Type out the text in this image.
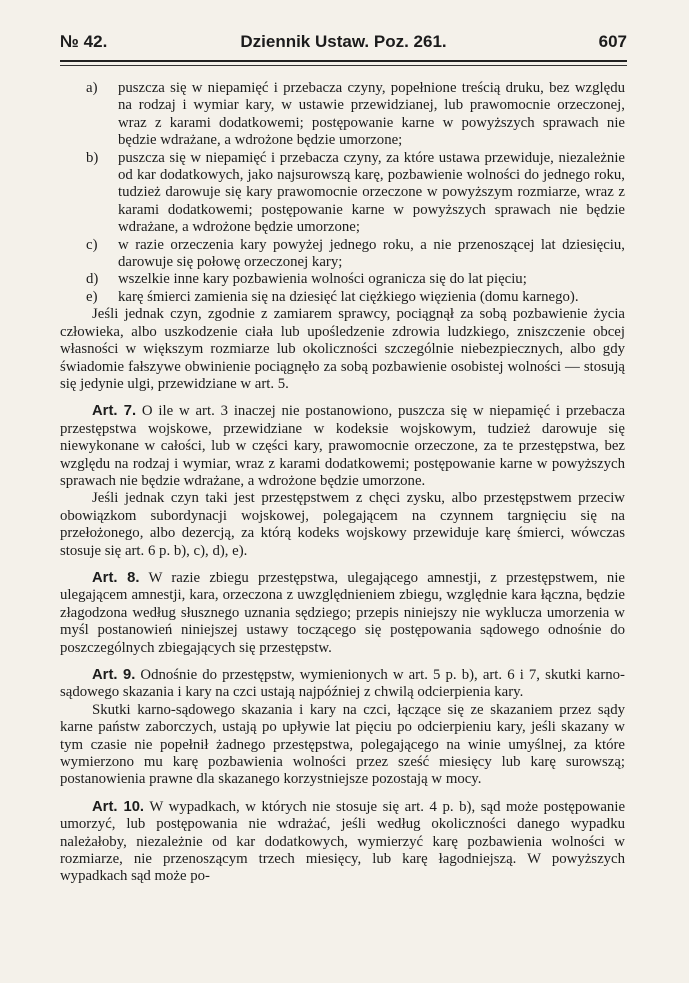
№ 42.	Dziennik Ustaw. Poz. 261.	607
a)	puszcza się w niepamięć i przebacza czyny, popełnione treścią druku, bez względu na rodzaj i wymiar kary, w ustawie przewidzianej, lub prawomocnie orzeczonej, wraz z karami dodatkowemi; postępowanie karne w powyższych sprawach nie będzie wdrażane, a wdrożone będzie umorzone;
b)	puszcza się w niepamięć i przebacza czyny, za które ustawa przewiduje, niezależnie od kar dodatkowych, jako najsurowszą karę, pozbawienie wolności do jednego roku, tudzież darowuje się kary prawomocnie orzeczone w powyższym rozmiarze, wraz z karami dodatkowemi; postępowanie karne w powyższych sprawach nie będzie wdrażane, a wdrożone będzie umorzone;
c)	w razie orzeczenia kary powyżej jednego roku, a nie przenoszącej lat dziesięciu, darowuje się połowę orzeczonej kary;
d)	wszelkie inne kary pozbawienia wolności ogranicza się do lat pięciu;
e)	karę śmierci zamienia się na dziesięć lat ciężkiego więzienia (domu karnego).

Jeśli jednak czyn, zgodnie z zamiarem sprawcy, pociągnął za sobą pozbawienie życia człowieka, albo uszkodzenie ciała lub upośledzenie zdrowia ludzkiego, zniszczenie obcej własności w większym rozmiarze lub okoliczności szczególnie niebezpiecznych, albo gdy świadomie fałszywe obwinienie pociągnęło za sobą pozbawienie osobistej wolności — stosują się jedynie ulgi, przewidziane w art. 5.

Art. 7. O ile w art. 3 inaczej nie postanowiono, puszcza się w niepamięć i przebacza przestępstwa wojskowe, przewidziane w kodeksie wojskowym, tudzież darowuje się niewykonane w całości, lub w części kary, prawomocnie orzeczone, za te przestępstwa, bez względu na rodzaj i wymiar, wraz z karami dodatkowemi; postępowanie karne w powyższych sprawach nie będzie wdrażane, a wdrożone będzie umorzone.

Jeśli jednak czyn taki jest przestępstwem z chęci zysku, albo przestępstwem przeciw obowiązkom subordynacji wojskowej, polegającem na czynnem targnięciu się na przełożonego, albo dezercją, za którą kodeks wojskowy przewiduje karę śmierci, wówczas stosuje się art. 6 p. b), c), d), e).

Art. 8. W razie zbiegu przestępstwa, ulegającego amnestji, z przestępstwem, nie ulegającem amnestji, kara, orzeczona z uwzględnieniem zbiegu, względnie kara łączna, będzie złagodzona według słusznego uznania sędziego; przepis niniejszy nie wyklucza umorzenia w myśl postanowień niniejszej ustawy toczącego się postępowania sądowego odnośnie do poszczególnych zbiegających się przestępstw.

Art. 9. Odnośnie do przestępstw, wymienionych w art. 5 p. b), art. 6 i 7, skutki karno-sądowego skazania i kary na czci ustają najpóźniej z chwilą odcierpienia kary.

Skutki karno-sądowego skazania i kary na czci, łączące się ze skazaniem przez sądy karne państw zaborczych, ustają po upływie lat pięciu po odcierpieniu kary, jeśli skazany w tym czasie nie popełnił żadnego przestępstwa, polegającego na winie umyślnej, za które wymierzono mu karę pozbawienia wolności przez sześć miesięcy lub karę surowszą; postanowienia prawne dla skazanego korzystniejsze pozostają w mocy.

Art. 10. W wypadkach, w których nie stosuje się art. 4 p. b), sąd może postępowanie umorzyć, lub postępowania nie wdrażać, jeśli według okoliczności danego wypadku należałoby, niezależnie od kar dodatkowych, wymierzyć karę pozbawienia wolności w rozmiarze, nie przenoszącym trzech miesięcy, lub karę łagodniejszą. W powyższych wypadkach sąd może po-
